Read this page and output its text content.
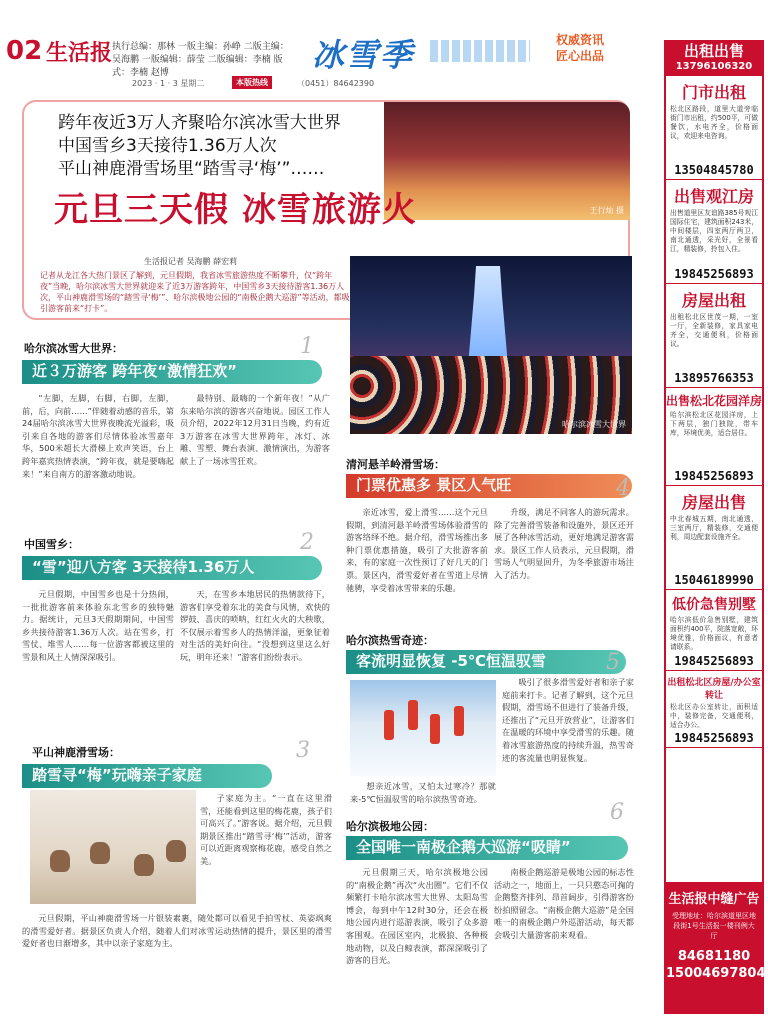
02 生活报 执行总编：那林 一版主编：孙峥 二版主编：吴海鹏 一版编辑：薛莹 二版编辑：李楠 版式：李楠 赵博	冰雪季	权威资讯
匠心出品
2023 · 1 · 3 星期二	本版热线	（0451）84642390
王行灿 摄
跨年夜近3万人齐聚哈尔滨冰雪大世界
中国雪乡3天接待1.36万人次
平山神鹿滑雪场里“踏雪寻‘梅’”……
元旦三天假 冰雪旅游火
生活报记者 吴海鹏 薛宏莉
记者从龙江各大热门景区了解到，元旦假期，我省冰雪旅游热度不断攀升，仅“跨年夜”当晚，哈尔滨冰雪大世界就迎来了近3万游客跨年，中国雪乡3天接待游客1.36万人次，平山神鹿滑雪场的“踏雪寻‘梅’”、哈尔滨极地公园的“南极企鹅大巡游”等活动，都吸引游客前来“打卡”。
哈尔滨冰雪大世界
哈尔滨冰雪大世界：
近３万游客 跨年夜“激情狂欢”
1
“左脚，左脚，右脚，右脚，左脚，前，后，向前……”伴随着动感的音乐，第24届哈尔滨冰雪大世界夜晚流光溢彩，吸引来自各地的游客们尽情体验冰雪嘉年华，500米超长大滑梯上欢声笑语，台上跨年嘉宾热情表演，“跨年夜，就是要嗨起来！”来自南方的游客激动地说。
最特别、最嗨的一个新年夜！”从广东来哈尔滨的游客兴奋地说。园区工作人员介绍，2022年12月31日当晚，约有近3万游客在冰雪大世界跨年，冰灯、冰雕、雪塑、舞台表演、激情演出，为游客献上了一场冰雪狂欢。
中国雪乡：
“雪”迎八方客 3天接待1.36万人
2
元旦假期，中国雪乡也是十分热闹，一批批游客前来体验东北雪乡的独特魅力。据统计，元旦3天假期期间，中国雪乡共接待游客1.36万人次。站在雪乡，打雪仗、堆雪人……每一位游客都被这里的雪景和风土人情深深吸引。
天，在雪乡本地居民的热情款待下，游客们享受着东北的美食与风情，欢快的锣鼓、喜庆的唢呐，红红火火的大秧歌，不仅展示着雪乡人的热情洋溢，更象征着对生活的美好向往。“没想到这里这么好玩，明年还来！”游客们纷纷表示。
平山神鹿滑雪场：
踏雪寻“梅”玩嗨亲子家庭
3
子家庭为主。“一直在这里滑雪，还能看到这里的梅花鹿，孩子们可高兴了。”游客说。据介绍，元旦假期景区推出“踏雪寻‘梅’”活动，游客可以近距离观察梅花鹿，感受自然之美。
元旦假期，平山神鹿滑雪场一片银装素裹，随处都可以看见手拍雪杖、英姿飒爽的滑雪爱好者。据景区负责人介绍，随着人们对冰雪运动热情的提升，景区里的滑雪爱好者也日渐增多，其中以亲子家庭为主。
清河悬羊岭滑雪场：
门票优惠多 景区人气旺	4
亲近冰雪，爱上滑雪……这个元旦假期，到清河悬羊岭滑雪场体验滑雪的游客络绎不绝。据介绍，滑雪场推出多种门票优惠措施，吸引了大批游客前来，有的家庭一次性预订了好几天的门票。景区内，滑雪爱好者在雪道上尽情驰骋，享受着冰雪带来的乐趣。
升级，满足不同客人的游玩需求。除了完善滑雪装备和设施外，景区还开展了各种冰雪活动，更好地满足游客需求。景区工作人员表示，元旦假期，滑雪场人气明显回升，为冬季旅游市场注入了活力。
哈尔滨热雪奇迹：
客流明显恢复 -5℃恒温驭雪	5
想亲近冰雪，又怕太过寒冷？那就来-5℃恒温驭雪的哈尔滨热雪奇迹。
吸引了很多滑雪爱好者和亲子家庭前来打卡。记者了解到，这个元旦假期，滑雪场不但进行了装备升级，还推出了“元旦开放营业”，让游客们在温暖的环境中享受滑雪的乐趣。随着冰雪旅游热度的持续升温，热雪奇迹的客流量也明显恢复。
哈尔滨极地公园：
全国唯一南极企鹅大巡游“吸睛”
6
元旦假期三天，哈尔滨极地公园的“南极企鹅”再次“火出圈”。它们不仅频繁打卡哈尔滨冰雪大世界、太阳岛雪博会，每到中午12时30分，还会在极地公园内进行巡游表演，吸引了众多游客围观。在园区室内，北极狼、各种极地动物，以及白鲸表演，都深深吸引了游客的目光。
南极企鹅巡游是极地公园的标志性活动之一，地面上，一只只憨态可掬的企鹅整齐排列、昂首阔步，引得游客纷纷拍照留念。“南极企鹅大巡游”是全国唯一的南极企鹅户外巡游活动，每天都会吸引大量游客前来观看。
出租出售
13796106320
门市出租
松北区路段，道里大道旁临街门市出租，约500平，可做餐饮，水电齐全，价格面议，欢迎来电咨询。
13504845780
出售观江房
出售道里区友谊路385号观江国际住宅，建筑面积243米，中间楼层，四室两厅两卫，南北通透，采光好，全景看江，精装修，拎包入住。
19845256893
房屋出租
出租松北区世茂一期，一室一厅，全新装修，家具家电齐全，交通便利，价格面议。
13895766353
出售松北花园洋房
哈尔滨松北区花园洋房，上下两层，独门独院，带车库，环境优美，适合居住。
19845256893
房屋出售
中北春城五期，南北通透，三室两厅，精装修，交通便利，周边配套设施齐全。
15046189990
低价急售别墅
哈尔滨低价急售别墅，建筑面积约400平，院落宽敞，环境优雅，价格面议，有意者请联系。
19845256893
出租松北区房屋/办公室转让
松北区办公室转让，面积适中，装修完备，交通便利，适合办公。
19845256893
生活报中缝广告
受理地址：哈尔滨道里区地段街1号生活报一楼刊例大厅
84681180
15004697804
